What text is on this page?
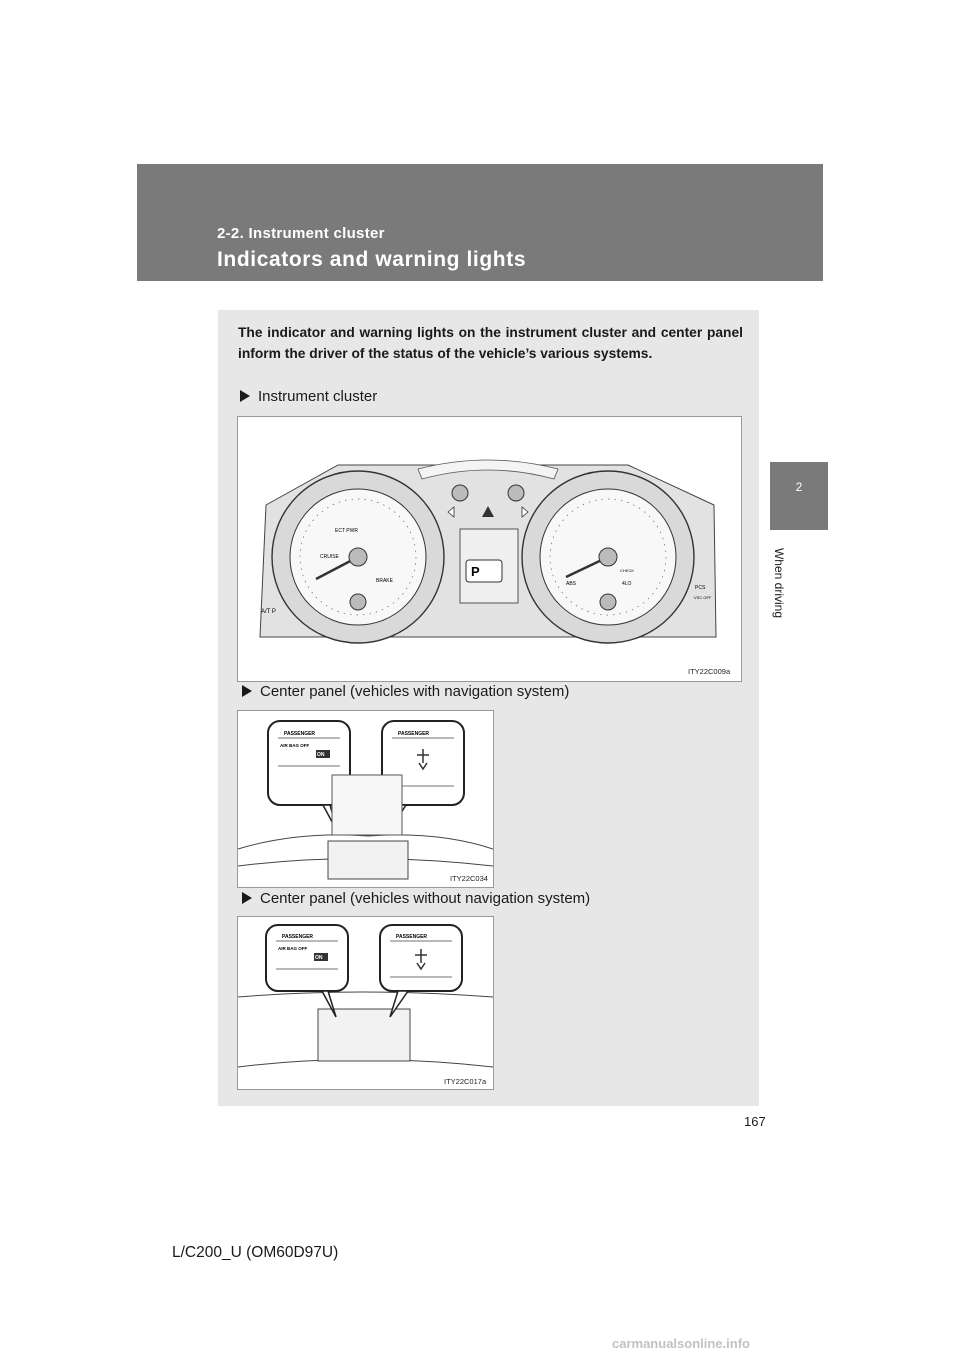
2-2. Instrument cluster
Indicators and warning lights
2
When driving
The indicator and warning lights on the instrument cluster and center panel inform the driver of the status of the vehicle’s various systems.
Instrument cluster
P
ECT PWR
CRUISE
BRAKE
A/T P
ABS	4LO
CHECK
PCS
VSC OFF
ITY22C009a
Center panel (vehicles with navigation system)
PASSENGER
AIR BAG OFF
ON
PASSENGER
ITY22C034
Center panel (vehicles without navigation system)
PASSENGER
AIR BAG OFF
ON
PASSENGER
ITY22C017a
167
L/C200_U (OM60D97U)
carmanualsonline.info
